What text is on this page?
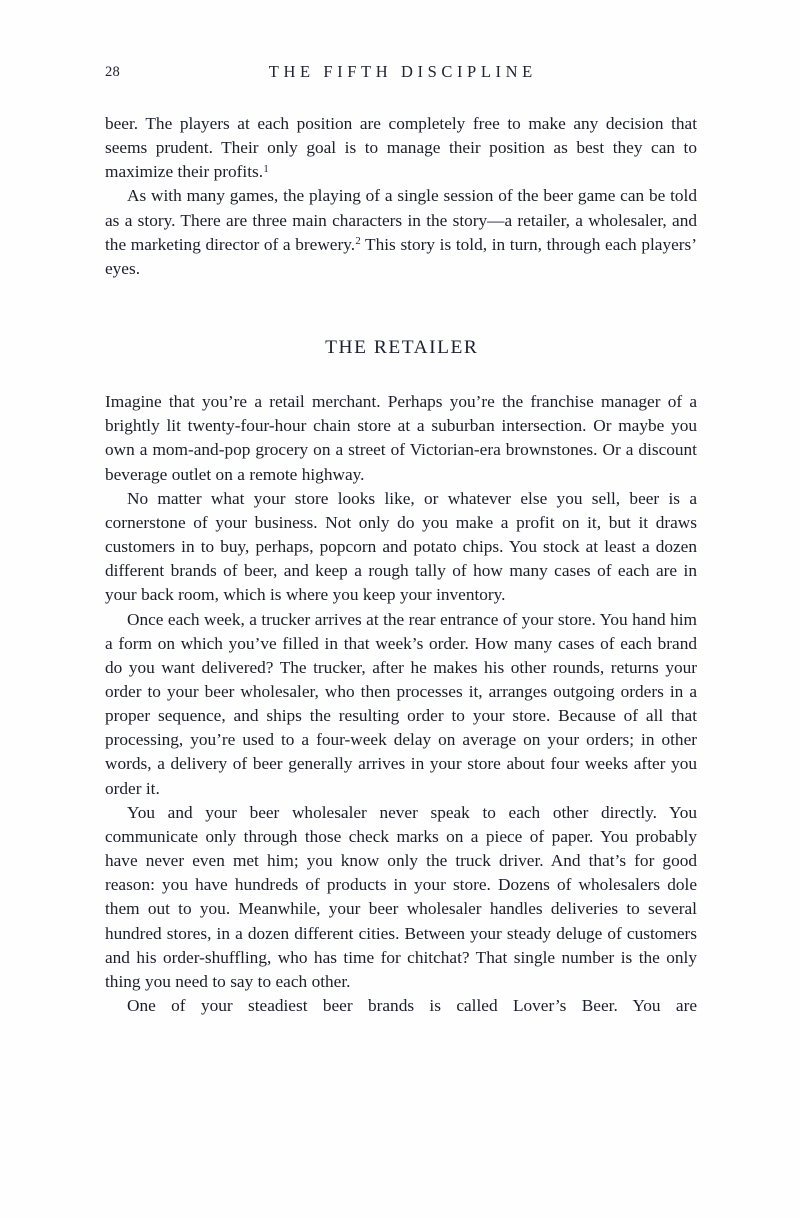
28	THE FIFTH DISCIPLINE

beer. The players at each position are completely free to make any decision that seems prudent. Their only goal is to manage their position as best they can to maximize their profits.$^1$

As with many games, the playing of a single session of the beer game can be told as a story. There are three main characters in the story—a retailer, a wholesaler, and the marketing director of a brewery.$^2$ This story is told, in turn, through each players’ eyes.

THE RETAILER

Imagine that you’re a retail merchant. Perhaps you’re the franchise manager of a brightly lit twenty-four-hour chain store at a suburban intersection. Or maybe you own a mom-and-pop grocery on a street of Victorian-era brownstones. Or a discount beverage outlet on a remote highway.

No matter what your store looks like, or whatever else you sell, beer is a cornerstone of your business. Not only do you make a profit on it, but it draws customers in to buy, perhaps, popcorn and potato chips. You stock at least a dozen different brands of beer, and keep a rough tally of how many cases of each are in your back room, which is where you keep your inventory.

Once each week, a trucker arrives at the rear entrance of your store. You hand him a form on which you’ve filled in that week’s order. How many cases of each brand do you want delivered? The trucker, after he makes his other rounds, returns your order to your beer wholesaler, who then processes it, arranges outgoing orders in a proper sequence, and ships the resulting order to your store. Because of all that processing, you’re used to a four-week delay on average on your orders; in other words, a delivery of beer generally arrives in your store about four weeks after you order it.

You and your beer wholesaler never speak to each other directly. You communicate only through those check marks on a piece of paper. You probably have never even met him; you know only the truck driver. And that’s for good reason: you have hundreds of products in your store. Dozens of wholesalers dole them out to you. Meanwhile, your beer wholesaler handles deliveries to several hundred stores, in a dozen different cities. Between your steady deluge of customers and his order-shuffling, who has time for chitchat? That single number is the only thing you need to say to each other.

One of your steadiest beer brands is called Lover’s Beer. You are
